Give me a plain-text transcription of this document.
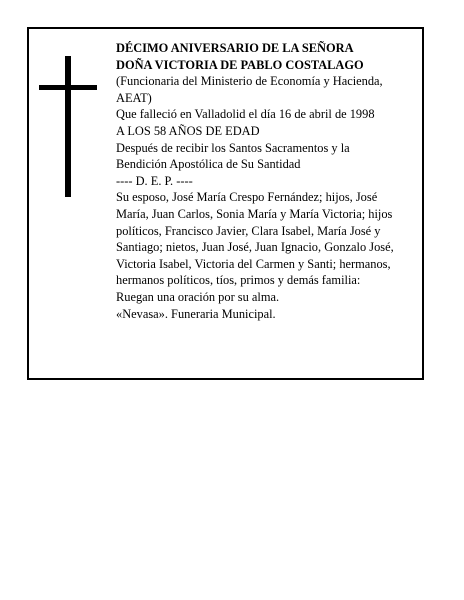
DÉCIMO ANIVERSARIO DE LA SEÑORA
DOÑA VICTORIA DE PABLO COSTALAGO
(Funcionaria del Ministerio de Economía y Hacienda,
AEAT)
Que falleció en Valladolid el día 16 de abril de 1998
A LOS 58 AÑOS DE EDAD
Después de recibir los Santos Sacramentos y la
Bendición Apostólica de Su Santidad
---- D. E. P. ----
Su esposo, José María Crespo Fernández; hijos, José
María, Juan Carlos, Sonia María y María Victoria; hijos
políticos, Francisco Javier, Clara Isabel, María José y
Santiago; nietos, Juan José, Juan Ignacio, Gonzalo José,
Victoria Isabel, Victoria del Carmen y Santi; hermanos,
hermanos políticos, tíos, primos y demás familia:
Ruegan una oración por su alma.
«Nevasa». Funeraria Municipal.
